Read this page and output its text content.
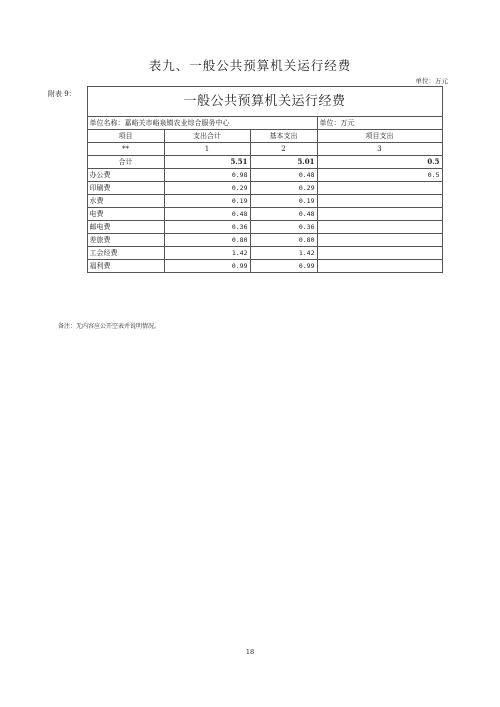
表九、一般公共预算机关运行经费
单位：万元
附表 9：	一般公共预算机关运行经费			
	单位名称：嘉峪关市峪泉镇农业综合服务中心			单位：万元
	项目	支出合计	基本支出	项目支出
	**	1	2	3
	合计	5.51	5.01	0.5
	办公费	0.98	0.48	0.5
	印刷费	0.29	0.29	
	水费	0.19	0.19	
	电费	0.48	0.48	
	邮电费	0.36	0.36	
	差旅费	0.80	0.80	
	工会经费	1.42	1.42	
	福利费	0.99	0.99	
备注：无内容应公开空表并说明情况。
18
